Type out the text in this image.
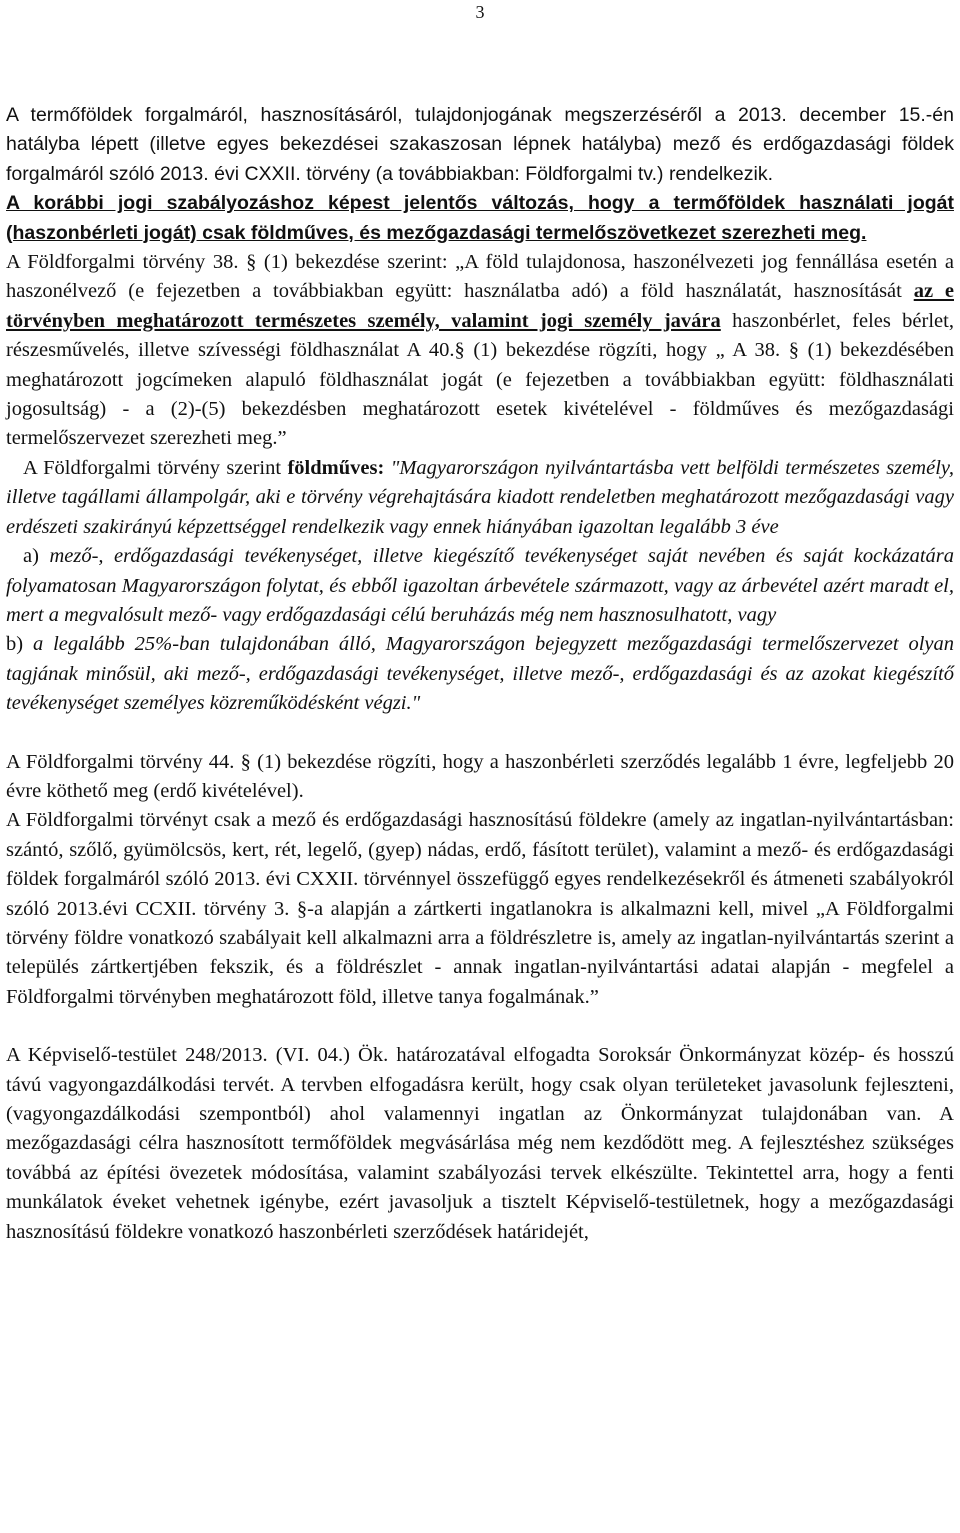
3

A termőföldek forgalmáról, hasznosításáról, tulajdonjogának megszerzéséről a 2013. december 15.-én hatályba lépett (illetve egyes bekezdései szakaszosan lépnek hatályba) mező és erdőgazdasági földek forgalmáról szóló 2013. évi CXXII. törvény (a továbbiakban: Földforgalmi tv.) rendelkezik.

A korábbi jogi szabályozáshoz képest jelentős változás, hogy a termőföldek használati jogát (haszonbérleti jogát) csak földműves, és mezőgazdasági termelőszövetkezet szerezheti meg.

A Földforgalmi törvény 38. § (1) bekezdése szerint: „A föld tulajdonosa, haszonélvezeti jog fennállása esetén a haszonélvező (e fejezetben a továbbiakban együtt: használatba adó) a föld használatát, hasznosítását az e törvényben meghatározott természetes személy, valamint jogi személy javára haszonbérlet, feles bérlet, részesművelés, illetve szívességi földhasználat A 40.§ (1) bekezdése rögzíti, hogy „ A 38. § (1) bekezdésében meghatározott jogcímeken alapuló földhasználat jogát (e fejezetben a továbbiakban együtt: földhasználati jogosultság) - a (2)-(5) bekezdésben meghatározott esetek kivételével - földműves és mezőgazdasági termelőszervezet szerezheti meg.”

A Földforgalmi törvény szerint földműves: "Magyarországon nyilvántartásba vett belföldi természetes személy, illetve tagállami állampolgár, aki e törvény végrehajtására kiadott rendeletben meghatározott mezőgazdasági vagy erdészeti szakirányú képzettséggel rendelkezik vagy ennek hiányában igazoltan legalább 3 éve

a) mező-, erdőgazdasági tevékenységet, illetve kiegészítő tevékenységet saját nevében és saját kockázatára folyamatosan Magyarországon folytat, és ebből igazoltan árbevétele származott, vagy az árbevétel azért maradt el, mert a megvalósult mező- vagy erdőgazdasági célú beruházás még nem hasznosulhatott, vagy

b) a legalább 25%-ban tulajdonában álló, Magyarországon bejegyzett mezőgazdasági termelőszervezet olyan tagjának minősül, aki mező-, erdőgazdasági tevékenységet, illetve mező-, erdőgazdasági és az azokat kiegészítő tevékenységet személyes közreműködésként végzi."

A Földforgalmi törvény 44. § (1) bekezdése rögzíti, hogy a haszonbérleti szerződés legalább 1 évre, legfeljebb 20 évre köthető meg (erdő kivételével).

A Földforgalmi törvényt csak a mező és erdőgazdasági hasznosítású földekre (amely az ingatlan-nyilvántartásban: szántó, szőlő, gyümölcsös, kert, rét, legelő, (gyep) nádas, erdő, fásított terület), valamint a mező- és erdőgazdasági földek forgalmáról szóló 2013. évi CXXII. törvénnyel összefüggő egyes rendelkezésekről és átmeneti szabályokról szóló 2013.évi CCXII. törvény 3. §-a alapján a zártkerti ingatlanokra is alkalmazni kell, mivel „A Földforgalmi törvény földre vonatkozó szabályait kell alkalmazni arra a földrészletre is, amely az ingatlan-nyilvántartás szerint a település zártkertjében fekszik, és a földrészlet - annak ingatlan-nyilvántartási adatai alapján - megfelel a Földforgalmi törvényben meghatározott föld, illetve tanya fogalmának.”

A Képviselő-testület 248/2013. (VI. 04.) Ök. határozatával elfogadta Soroksár Önkormányzat közép- és hosszú távú vagyongazdálkodási tervét. A tervben elfogadásra került, hogy csak olyan területeket javasolunk fejleszteni, (vagyongazdálkodási szempontból) ahol valamennyi ingatlan az Önkormányzat tulajdonában van. A mezőgazdasági célra hasznosított termőföldek megvásárlása még nem kezdődött meg. A fejlesztéshez szükséges továbbá az építési övezetek módosítása, valamint szabályozási tervek elkészülte. Tekintettel arra, hogy a fenti munkálatok éveket vehetnek igénybe, ezért javasoljuk a tisztelt Képviselő-testületnek, hogy a mezőgazdasági hasznosítású földekre vonatkozó haszonbérleti szerződések határidejét,
